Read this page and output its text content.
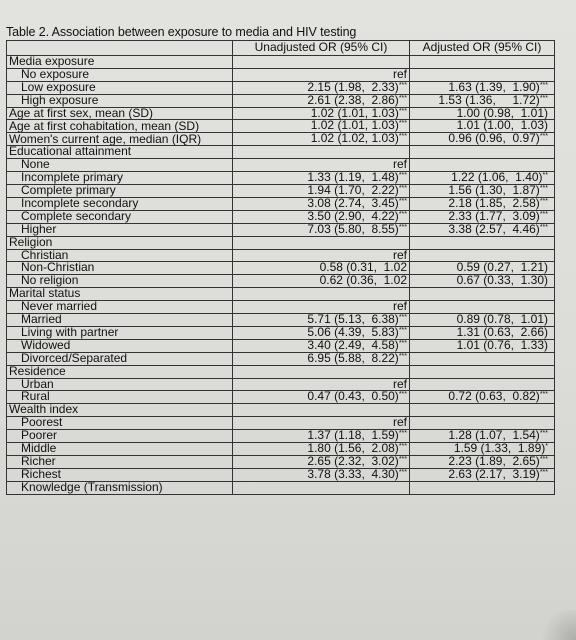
Table 2. Association between exposure to media and HIV testing
	Unadjusted OR (95% CI)	Adjusted OR (95% CI)
Media exposure		
No exposure	ref	
Low exposure	2.15 (1.98,  2.33)***	1.63 (1.39,  1.90)***
High exposure	2.61 (2.38,  2.86)***	1.53 (1.36,     1.72)***
Age at first sex, mean (SD)	1.02 (1.01, 1.03)***	1.00 (0.98,  1.01)
Age at first cohabitation, mean (SD)	1.02 (1.01, 1.03)***	1.01 (1.00,  1.03)
Women's current age, median (IQR)	1.02 (1.02, 1.03)***	0.96 (0.96,  0.97)***
Educational attainment		
None	ref	
Incomplete primary	1.33 (1.19,  1.48)***	1.22 (1.06,  1.40)**
Complete primary	1.94 (1.70,  2.22)***	1.56 (1.30,  1.87)***
Incomplete secondary	3.08 (2.74,  3.45)***	2.18 (1.85,  2.58)***
Complete secondary	3.50 (2.90,  4.22)***	2.33 (1.77,  3.09)***
Higher	7.03 (5.80,  8.55)***	3.38 (2.57,  4.46)***
Religion		
Christian	ref	
Non-Christian	0.58 (0.31,  1.02	0.59 (0.27,  1.21)
No religion	0.62 (0.36,  1.02	0.67 (0.33,  1.30)
Marital status		
Never married	ref	
Married	5.71 (5.13,  6.38)***	0.89 (0.78,  1.01)
Living with partner	5.06 (4.39,  5.83)***	1.31 (0.63,  2.66)
Widowed	3.40 (2.49,  4.58)***	1.01 (0.76,  1.33)
Divorced/Separated	6.95 (5.88,  8.22)***	
Residence		
Urban	ref	
Rural	0.47 (0.43,  0.50)***	0.72 (0.63,  0.82)***
Wealth index		
Poorest	ref	
Poorer	1.37 (1.18,  1.59)***	1.28 (1.07,  1.54)***
Middle	1.80 (1.56,  2.08)***	1.59 (1.33,  1.89)*
Richer	2.65 (2.32,  3.02)***	2.23 (1.89,  2.65)***
Richest	3.78 (3.33,  4.30)***	2.63 (2.17,  3.19)***
Knowledge (Transmission)		
